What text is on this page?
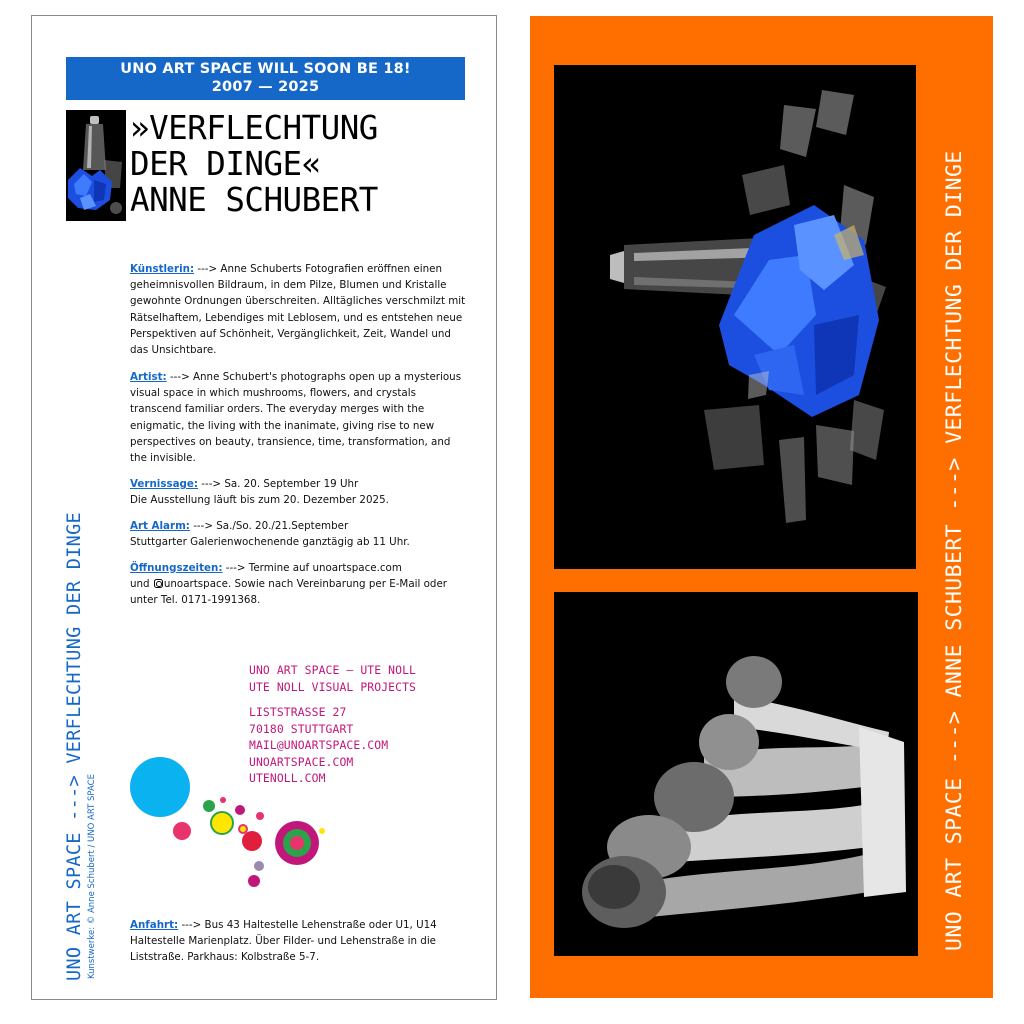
UNO ART SPACE WILL SOON BE 18!
2007 — 2025
»VERFLECHTUNG
DER DINGE«
ANNE SCHUBERT
Künstlerin: ---> Anne Schuberts Fotografien eröffnen einen geheimnisvollen Bildraum, in dem Pilze, Blumen und Kristalle gewohnte Ordnungen überschreiten. Alltägliches verschmilzt mit Rätselhaftem, Lebendiges mit Leblosem, und es entstehen neue Perspektiven auf Schönheit, Vergänglichkeit, Zeit, Wandel und das Unsichtbare.
Artist: ---> Anne Schubert's photographs open up a mysterious visual space in which mushrooms, flowers, and crystals transcend familiar orders. The everyday merges with the enigmatic, the living with the inanimate, giving rise to new perspectives on beauty, transience, time, transformation, and the invisible.
Vernissage: ---> Sa. 20. September 19 Uhr
Die Ausstellung läuft bis zum 20. Dezember 2025.
Art Alarm: ---> Sa./So. 20./21.September
Stuttgarter Galerienwochenende ganztägig ab 11 Uhr.
Öffnungszeiten: ---> Termine auf unoartspace.com
und unoartspace. Sowie nach Vereinbarung per E-Mail oder unter Tel. 0171-1991368.
UNO ART SPACE – UTE NOLL
UTE NOLL VISUAL PROJECTS
LISTSTRASSE 27
70180 STUTTGART
MAIL@UNOARTSPACE.COM
UNOARTSPACE.COM
UTENOLL.COM
Anfahrt: ---> Bus 43 Haltestelle Lehenstraße oder U1, U14 Haltestelle Marienplatz. Über Filder- und Lehenstraße in die Liststraße. Parkhaus: Kolbstraße 5-7.
UNO ART SPACE ---> VERFLECHTUNG DER DINGE Kunstwerke: © Anne Schubert / UNO ART SPACE	UNO ART SPACE ---> ANNE SCHUBERT ---> VERFLECHTUNG DER DINGE
